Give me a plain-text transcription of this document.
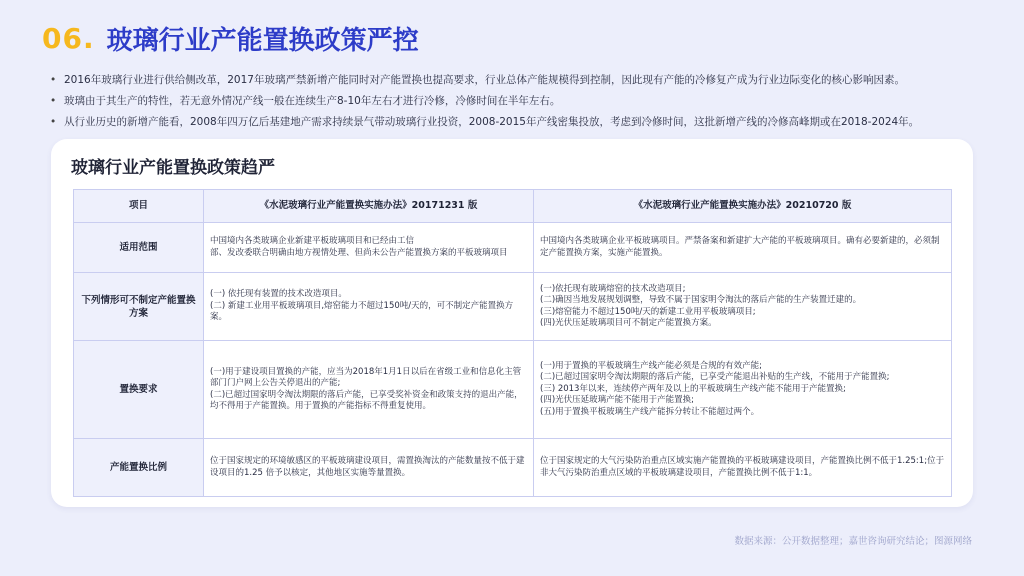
06. 玻璃行业产能置换政策严控
• 2016年玻璃行业进行供给侧改革，2017年玻璃严禁新增产能同时对产能置换也提高要求，行业总体产能规模得到控制，因此现有产能的冷修复产成为行业边际变化的核心影响因素。
• 玻璃由于其生产的特性，若无意外情况产线一般在连续生产8-10年左右才进行冷修，冷修时间在半年左右。
• 从行业历史的新增产能看，2008年四万亿后基建地产需求持续景气带动玻璃行业投资，2008-2015年产线密集投放，考虑到冷修时间，这批新增产线的冷修高峰期或在2018-2024年。
玻璃行业产能置换政策趋严
项目	《水泥玻璃行业产能置换实施办法》20171231 版	《水泥玻璃行业产能置换实施办法》20210720 版
适用范围	中国境内各类玻璃企业新建平板玻璃项目和已经由工信
部、发改委联合明确由地方视情处理、但尚未公告产能置换方案的平板玻璃项目	中国境内各类玻璃企业平板玻璃项目。严禁备案和新建扩大产能的平板玻璃项目。确有必要新建的，必须制定产能置换方案，实施产能置换。

下列情形可不制定产能置换方案	(一) 依托现有装置的技术改造项目。
(二) 新建工业用平板玻璃项目,熔窑能力不超过150吨/天的，可不制定产能置换方案。	(一)依托现有玻璃熔窑的技术改造项目;
(二)确因当地发展规划调整，导致不属于国家明令淘汰的落后产能的生产装置迁建的。
(三)熔窑能力不超过150吨/天的新建工业用平板玻璃项目;
(四)光伏压延玻璃项目可不制定产能置换方案。

置换要求	(一)用于建设项目置换的产能，应当为2018年1月1日以后在省级工业和信息化主管部门门户网上公告关停退出的产能;
(二)已超过国家明令淘汰期限的落后产能，已享受奖补资金和政策支持的退出产能，均不得用于产能置换。用于置换的产能指标不得重复使用。	(一)用于置换的平板玻璃生产线产能必须是合规的有效产能;
(二)已超过国家明令淘汰期限的落后产能，已享受产能退出补贴的生产线，不能用于产能置换;
(三) 2013年以来，连续停产两年及以上的平板玻璃生产线产能不能用于产能置换;
(四)光伏压延玻璃产能不能用于产能置换;
(五)用于置换平板玻璃生产线产能拆分转让不能超过两个。

产能置换比例	位于国家规定的环境敏感区的平板玻璃建设项目，需置换淘汰的产能数量按不低于建设项目的1.25 倍予以核定，其他地区实施等量置换。	位于国家规定的大气污染防治重点区域实施产能置换的平板玻璃建设项目，产能置换比例不低于1.25:1;位于非大气污染防治重点区域的平板玻璃建设项目，产能置换比例不低于1:1。
数据来源：公开数据整理；嘉世咨询研究结论；图源网络
